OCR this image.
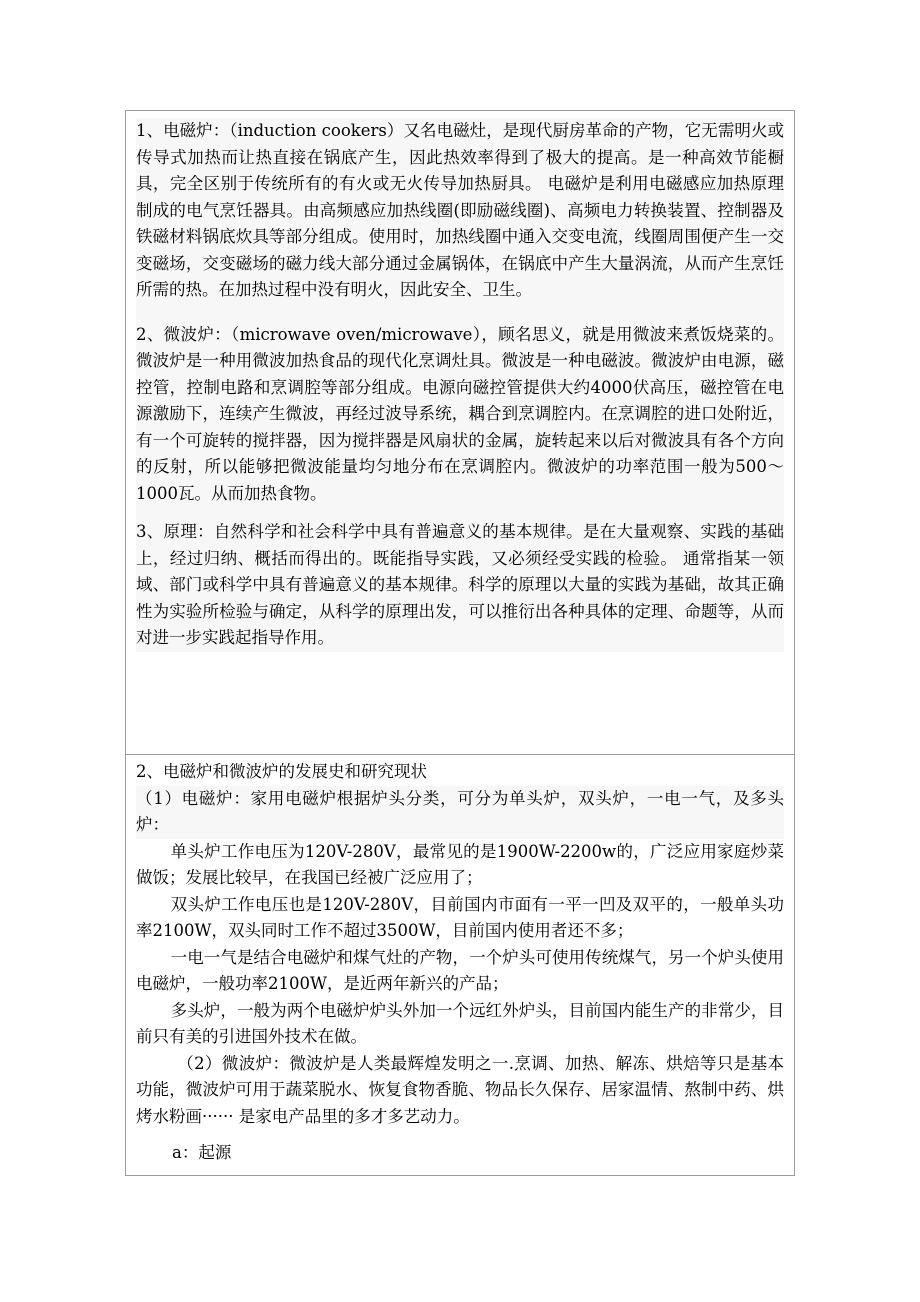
1、电磁炉：（induction cookers）又名电磁灶，是现代厨房革命的产物，它无需明火或传导式加热而让热直接在锅底产生，因此热效率得到了极大的提高。是一种高效节能橱具，完全区别于传统所有的有火或无火传导加热厨具。 电磁炉是利用电磁感应加热原理制成的电气烹饪器具。由高频感应加热线圈(即励磁线圈)、高频电力转换装置、控制器及铁磁材料锅底炊具等部分组成。使用时，加热线圈中通入交变电流，线圈周围便产生一交变磁场，交变磁场的磁力线大部分通过金属锅体，在锅底中产生大量涡流，从而产生烹饪所需的热。在加热过程中没有明火，因此安全、卫生。

2、微波炉：（microwave oven/microwave），顾名思义，就是用微波来煮饭烧菜的。微波炉是一种用微波加热食品的现代化烹调灶具。微波是一种电磁波。微波炉由电源，磁控管，控制电路和烹调腔等部分组成。电源向磁控管提供大约4000伏高压，磁控管在电源激励下，连续产生微波，再经过波导系统，耦合到烹调腔内。在烹调腔的进口处附近，有一个可旋转的搅拌器，因为搅拌器是风扇状的金属，旋转起来以后对微波具有各个方向的反射，所以能够把微波能量均匀地分布在烹调腔内。微波炉的功率范围一般为500～1000瓦。从而加热食物。

3、原理：自然科学和社会科学中具有普遍意义的基本规律。是在大量观察、实践的基础上，经过归纳、概括而得出的。既能指导实践，又必须经受实践的检验。 通常指某一领域、部门或科学中具有普遍意义的基本规律。科学的原理以大量的实践为基础，故其正确性为实验所检验与确定，从科学的原理出发，可以推衍出各种具体的定理、命题等，从而对进一步实践起指导作用。

2、电磁炉和微波炉的发展史和研究现状

（1）电磁炉：家用电磁炉根据炉头分类，可分为单头炉，双头炉，一电一气，及多头炉：

单头炉工作电压为120V-280V，最常见的是1900W-2200w的，广泛应用家庭炒菜做饭；发展比较早，在我国已经被广泛应用了；

双头炉工作电压也是120V-280V，目前国内市面有一平一凹及双平的，一般单头功率2100W，双头同时工作不超过3500W，目前国内使用者还不多；

一电一气是结合电磁炉和煤气灶的产物，一个炉头可使用传统煤气，另一个炉头使用电磁炉，一般功率2100W，是近两年新兴的产品；

多头炉，一般为两个电磁炉炉头外加一个远红外炉头，目前国内能生产的非常少，目前只有美的引进国外技术在做。

（2）微波炉：微波炉是人类最辉煌发明之一.烹调、加热、解冻、烘焙等只是基本功能，微波炉可用于蔬菜脱水、恢复食物香脆、物品长久保存、居家温情、熬制中药、烘烤水粉画······ 是家电产品里的多才多艺动力。

a：起源
